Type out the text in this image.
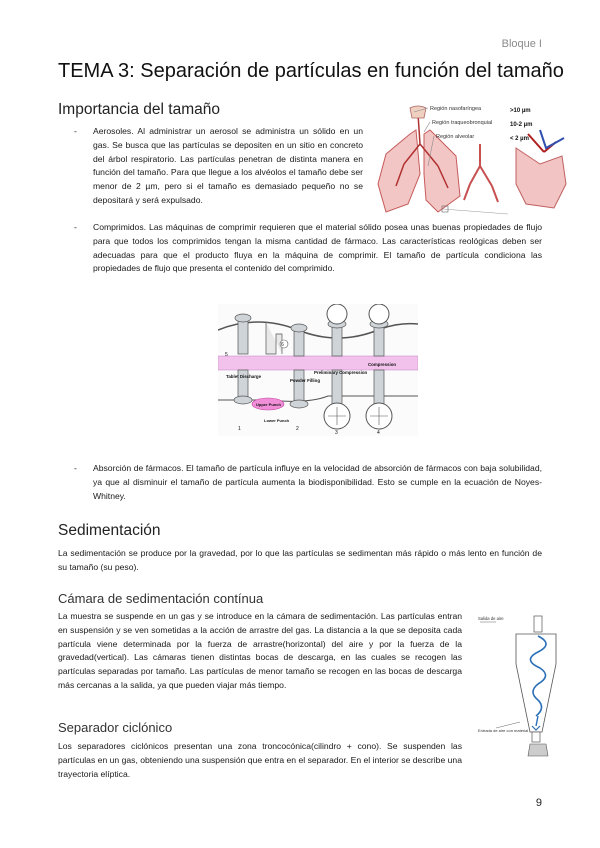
Bloque I
TEMA 3: Separación de partículas en función del tamaño
Importancia del tamaño	Región nasofaríngea
Región traqueobronquial
Región alveolar
>10 µm
10-2 µm
< 2 µm
- Aerosoles. Al administrar un aerosol se administra un sólido en un gas. Se busca que las partículas se depositen en un sitio en concreto del árbol respiratorio. Las partículas penetran de distinta manera en función del tamaño. Para que llegue a los alvéolos el tamaño debe ser menor de 2 µm, pero si el tamaño es demasiado pequeño no se depositará y será expulsado.
- Comprimidos. Las máquinas de comprimir requieren que el material sólido posea unas buenas propiedades de flujo para que todos los comprimidos tengan la misma cantidad de fármaco. Las características reológicas deben ser adecuadas para que el producto fluya en la máquina de comprimir. El tamaño de partícula condiciona las propiedades de flujo que presenta el contenido del comprimido.
5
6
1	2
3	4
Tablet Discharge
Upper Punch
Lower Punch
Powder Filling
Preliminary Compression
Compression
- Absorción de fármacos. El tamaño de partícula influye en la velocidad de absorción de fármacos con baja solubilidad, ya que al disminuir el tamaño de partícula aumenta la biodisponibilidad. Esto se cumple en la ecuación de Noyes-Whitney.
Sedimentación
La sedimentación se produce por la gravedad, por lo que las partículas se sedimentan más rápido o más lento en función de su tamaño (su peso).
Cámara de sedimentación contínua
La muestra se suspende en un gas y se introduce en la cámara de sedimentación. Las partículas entran en suspensión y se ven sometidas a la acción de arrastre del gas. La distancia a la que se deposita cada partícula viene determinada por la fuerza de arrastre(horizontal) del aire y por la fuerza de la gravedad(vertical). Las cámaras tienen distintas bocas de descarga, en las cuales se recogen las partículas separadas por tamaño. Las partículas de menor tamaño se recogen en las bocas de descarga más cercanas a la salida, ya que pueden viajar más tiempo.
Salida de aire
Entrada de aire con material
Separador ciclónico
Los separadores ciclónicos presentan una zona troncocónica(cilindro + cono). Se suspenden las partículas en un gas, obteniendo una suspensión que entra en el separador. En el interior se describe una trayectoria elíptica.
9
